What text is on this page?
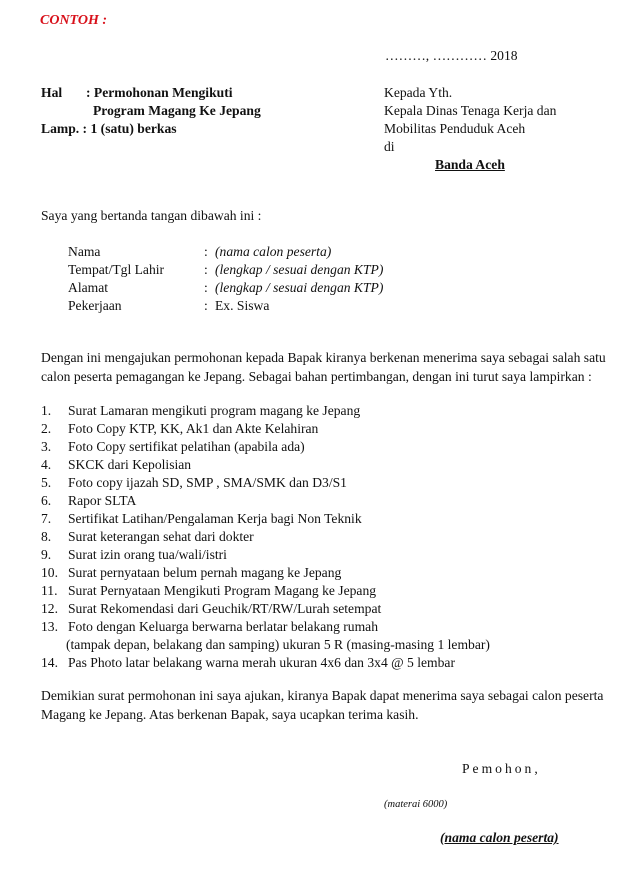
CONTOH :
………, ………… 2018
Hal : Permohonan Mengikuti
Program Magang Ke Jepang
Lamp. : 1 (satu) berkas
Kepada Yth.
Kepala Dinas Tenaga Kerja dan
Mobilitas Penduduk Aceh
di
Banda Aceh
Saya yang bertanda tangan dibawah ini :
Nama	: (nama calon peserta)
Tempat/Tgl Lahir	: (lengkap / sesuai dengan KTP)
Alamat	: (lengkap / sesuai dengan KTP)
Pekerjaan	: Ex. Siswa
Dengan ini mengajukan permohonan kepada Bapak kiranya berkenan menerima saya sebagai salah satu calon peserta pemagangan ke Jepang. Sebagai bahan pertimbangan, dengan ini turut saya lampirkan :
1. Surat Lamaran mengikuti program magang ke Jepang
2. Foto Copy KTP, KK, Ak1 dan Akte Kelahiran
3. Foto Copy sertifikat pelatihan (apabila ada)
4. SKCK dari Kepolisian
5. Foto copy ijazah SD, SMP , SMA/SMK dan D3/S1
6. Rapor SLTA
7. Sertifikat Latihan/Pengalaman Kerja bagi Non Teknik
8. Surat keterangan sehat dari dokter
9. Surat izin orang tua/wali/istri
10. Surat pernyataan belum pernah magang ke Jepang
11. Surat Pernyataan Mengikuti Program Magang ke Jepang
12. Surat Rekomendasi dari Geuchik/RT/RW/Lurah setempat
13. Foto dengan Keluarga berwarna berlatar belakang rumah
(tampak depan, belakang dan samping) ukuran 5 R (masing-masing 1 lembar)
14. Pas Photo latar belakang warna merah ukuran 4x6 dan 3x4 @ 5 lembar
Demikian surat permohonan ini saya ajukan, kiranya Bapak dapat menerima saya sebagai calon peserta Magang ke Jepang. Atas berkenan Bapak, saya ucapkan terima kasih.
Pemohon,
(materai 6000)
(nama calon peserta)
